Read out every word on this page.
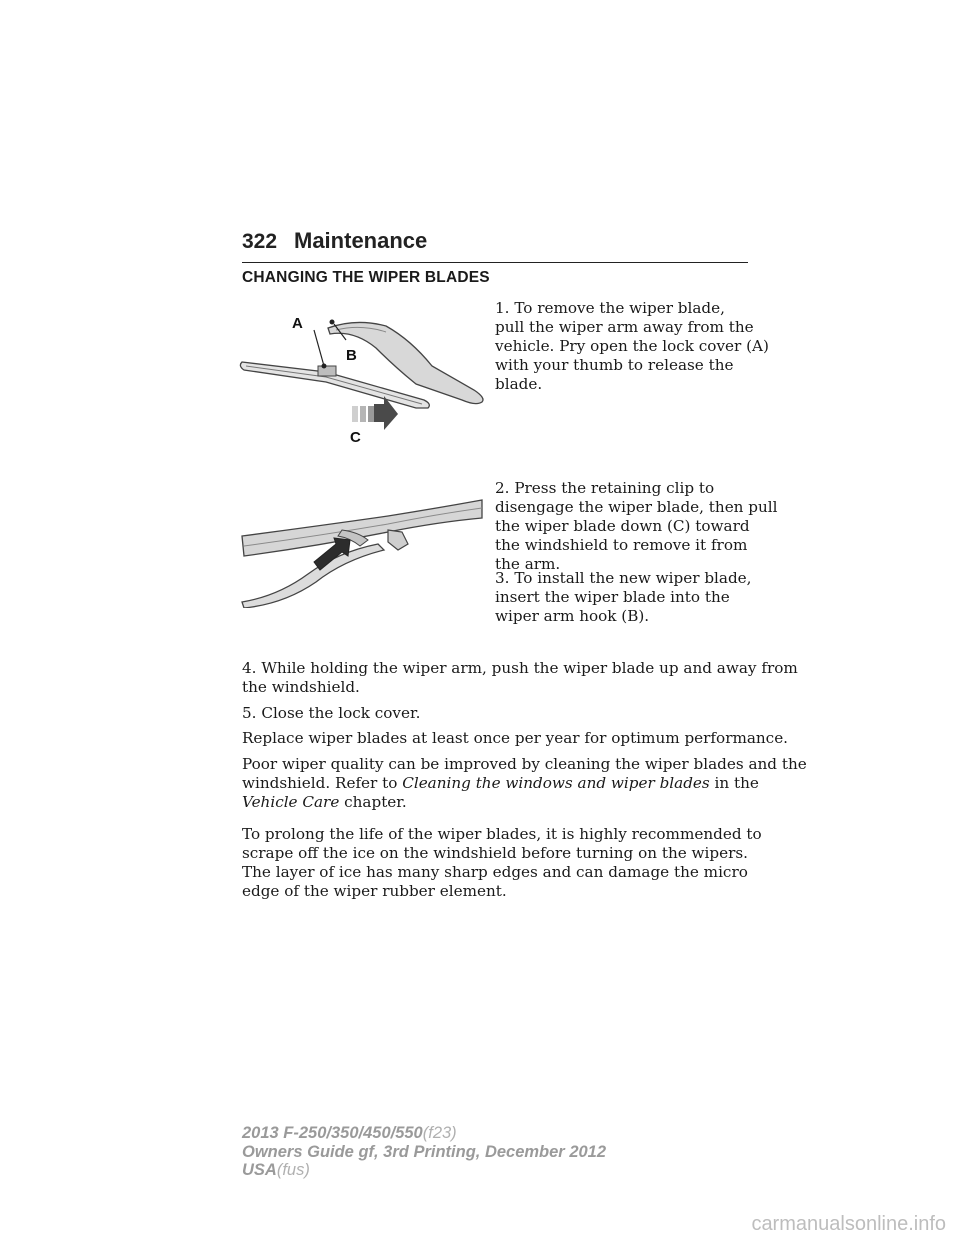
322 Maintenance
CHANGING THE WIPER BLADES
A
B
C

1. To remove the wiper blade,
pull the wiper arm away from the
vehicle. Pry open the lock cover (A)
with your thumb to release the
blade.

2. Press the retaining clip to
disengage the wiper blade, then pull
the wiper blade down (C) toward
the windshield to remove it from
the arm.

3. To install the new wiper blade,
insert the wiper blade into the
wiper arm hook (B).

4. While holding the wiper arm, push the wiper blade up and away from
the windshield.

5. Close the lock cover.

Replace wiper blades at least once per year for optimum performance.

Poor wiper quality can be improved by cleaning the wiper blades and the
windshield. Refer to Cleaning the windows and wiper blades in the
Vehicle Care chapter.

To prolong the life of the wiper blades, it is highly recommended to
scrape off the ice on the windshield before turning on the wipers.
The layer of ice has many sharp edges and can damage the micro
edge of the wiper rubber element.

2013 F-250/350/450/550(f23)
Owners Guide gf, 3rd Printing, December 2012
USA(fus)
carmanualsonline.info
